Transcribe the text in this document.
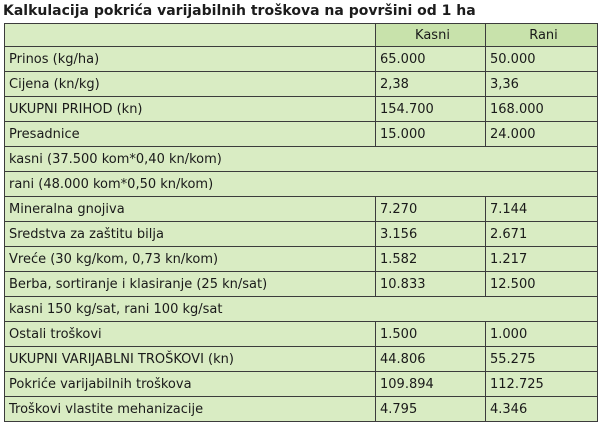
Kalkulacija pokrića varijabilnih troškova na površini od 1 ha
	Kasni	Rani
Prinos (kg/ha)	65.000	50.000
Cijena (kn/kg)	2,38	3,36
UKUPNI PRIHOD (kn)	154.700	168.000
Presadnice	15.000	24.000
kasni (37.500 kom*0,40 kn/kom)		
rani (48.000 kom*0,50 kn/kom)		
Mineralna gnojiva	7.270	7.144
Sredstva za zaštitu bilja	3.156	2.671
Vreće (30 kg/kom, 0,73 kn/kom)	1.582	1.217
Berba, sortiranje i klasiranje (25 kn/sat)	10.833	12.500
kasni 150 kg/sat, rani 100 kg/sat		
Ostali troškovi	1.500	1.000
UKUPNI VARIJABLNI TROŠKOVI (kn)	44.806	55.275
Pokriće varijabilnih troškova	109.894	112.725
Troškovi vlastite mehanizacije	4.795	4.346
